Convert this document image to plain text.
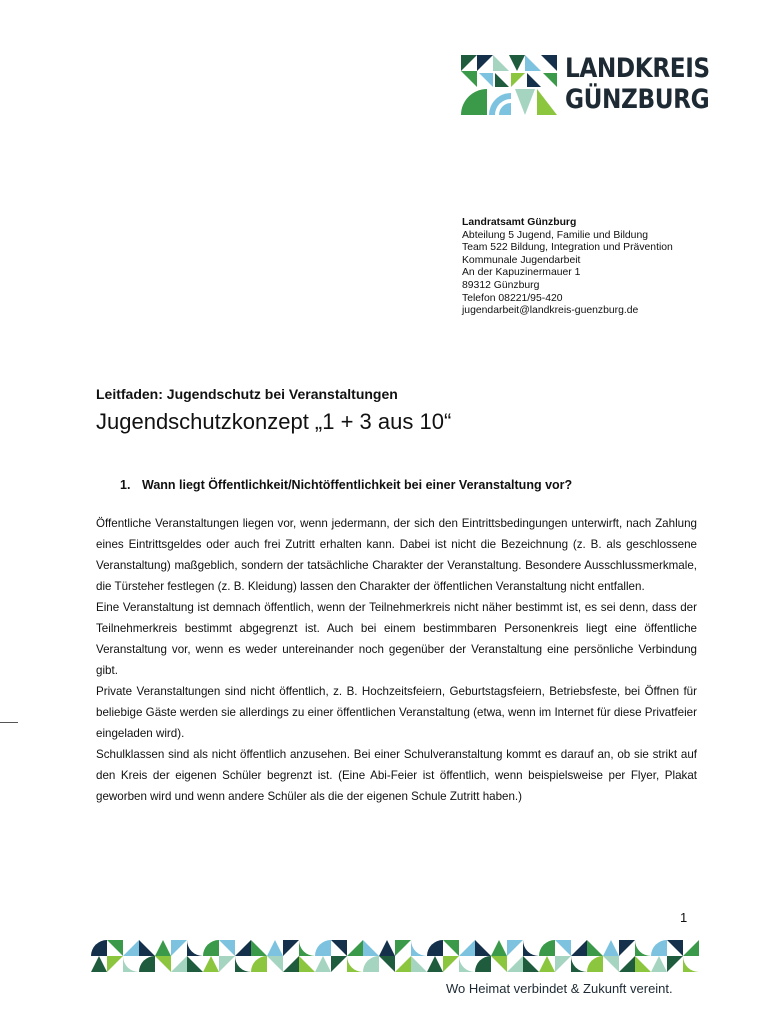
LANDKREIS
GÜNZBURG
Landratsamt Günzburg
Abteilung 5 Jugend, Familie und Bildung
Team 522 Bildung, Integration und Prävention
Kommunale Jugendarbeit
An der Kapuzinermauer 1
89312 Günzburg
Telefon 08221/95-420
jugendarbeit@landkreis-guenzburg.de
Leitfaden: Jugendschutz bei Veranstaltungen
Jugendschutzkonzept „1 + 3 aus 10“
1. Wann liegt Öffentlichkeit/Nichtöffentlichkeit bei einer Veranstaltung vor?

Öffentliche Veranstaltungen liegen vor, wenn jedermann, der sich den Eintrittsbedingungen unterwirft, nach Zahlung eines Eintrittsgeldes oder auch frei Zutritt erhalten kann. Dabei ist nicht die Bezeichnung (z. B. als geschlossene Veranstaltung) maßgeblich, sondern der tatsächliche Charakter der Veranstaltung. Besondere Ausschlussmerkmale, die Türsteher festlegen (z. B. Kleidung) lassen den Charakter der öffentlichen Veranstaltung nicht entfallen.

Eine Veranstaltung ist demnach öffentlich, wenn der Teilnehmerkreis nicht näher bestimmt ist, es sei denn, dass der Teilnehmerkreis bestimmt abgegrenzt ist. Auch bei einem bestimmbaren Personenkreis liegt eine öffentliche Veranstaltung vor, wenn es weder untereinander noch gegenüber der Veranstaltung eine persönliche Verbindung gibt.

Private Veranstaltungen sind nicht öffentlich, z. B. Hochzeitsfeiern, Geburtstagsfeiern, Betriebsfeste, bei Öffnen für beliebige Gäste werden sie allerdings zu einer öffentlichen Veranstaltung (etwa, wenn im Internet für diese Privatfeier eingeladen wird).

Schulklassen sind als nicht öffentlich anzusehen. Bei einer Schulveranstaltung kommt es darauf an, ob sie strikt auf den Kreis der eigenen Schüler begrenzt ist. (Eine Abi-Feier ist öffentlich, wenn beispielsweise per Flyer, Plakat geworben wird und wenn andere Schüler als die der eigenen Schule Zutritt haben.)

1
Wo Heimat verbindet & Zukunft vereint.
